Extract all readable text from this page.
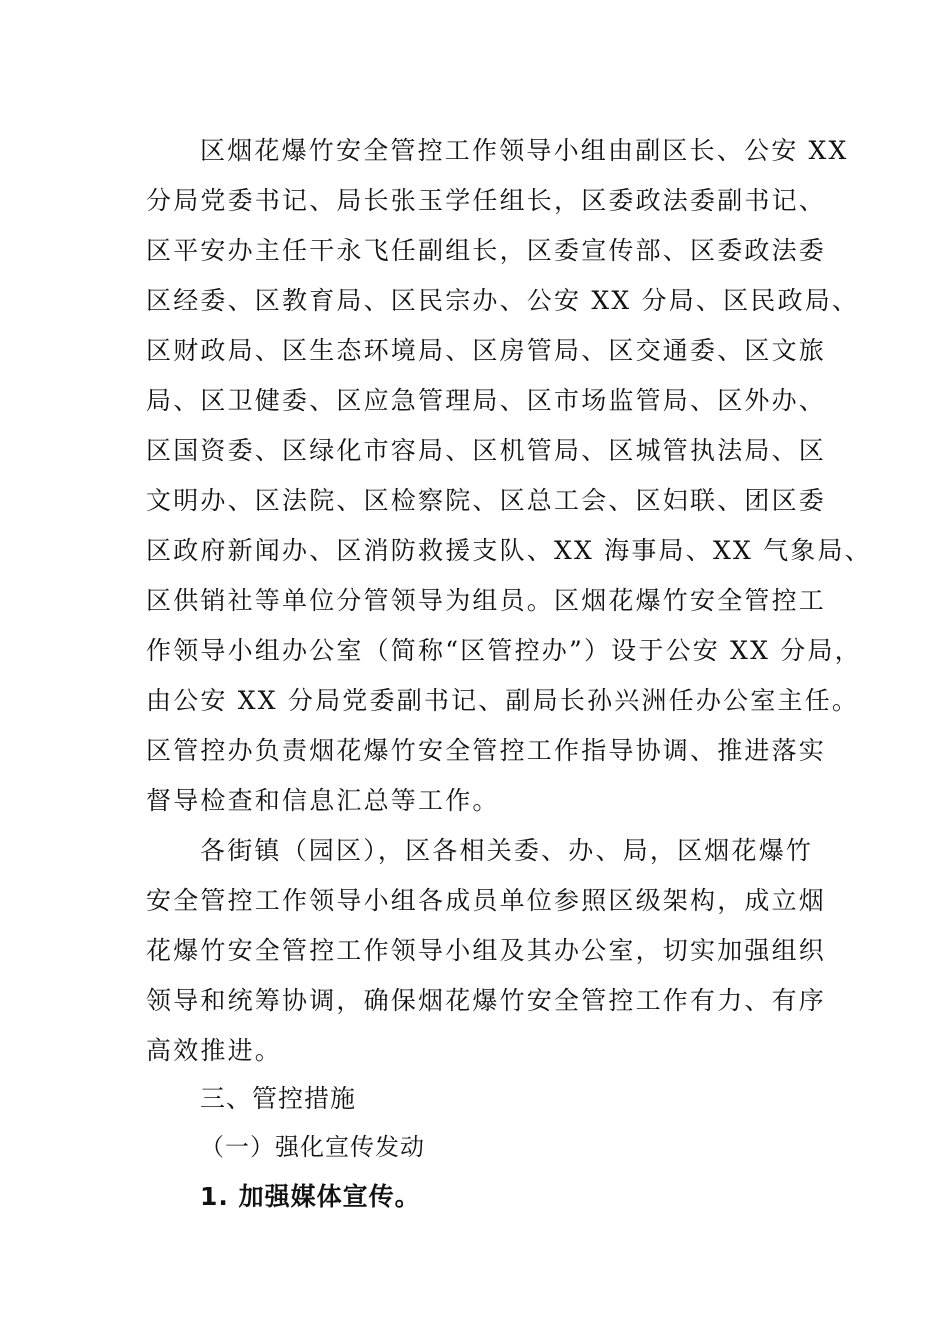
区烟花爆竹安全管控工作领导小组由副区长、公安 XX
分局党委书记、局长张玉学任组长，区委政法委副书记、
区平安办主任干永飞任副组长，区委宣传部、区委政法委
区经委、区教育局、区民宗办、公安 XX 分局、区民政局、
区财政局、区生态环境局、区房管局、区交通委、区文旅
局、区卫健委、区应急管理局、区市场监管局、区外办、
区国资委、区绿化市容局、区机管局、区城管执法局、区
文明办、区法院、区检察院、区总工会、区妇联、团区委
区政府新闻办、区消防救援支队、XX 海事局、XX 气象局、
区供销社等单位分管领导为组员。区烟花爆竹安全管控工
作领导小组办公室（简称“区管控办”）设于公安 XX 分局，
由公安 XX 分局党委副书记、副局长孙兴洲任办公室主任。
区管控办负责烟花爆竹安全管控工作指导协调、推进落实
督导检查和信息汇总等工作。
各街镇（园区），区各相关委、办、局，区烟花爆竹
安全管控工作领导小组各成员单位参照区级架构，成立烟
花爆竹安全管控工作领导小组及其办公室，切实加强组织
领导和统筹协调，确保烟花爆竹安全管控工作有力、有序
高效推进。
三、管控措施
（一）强化宣传发动
1. 加强媒体宣传。
